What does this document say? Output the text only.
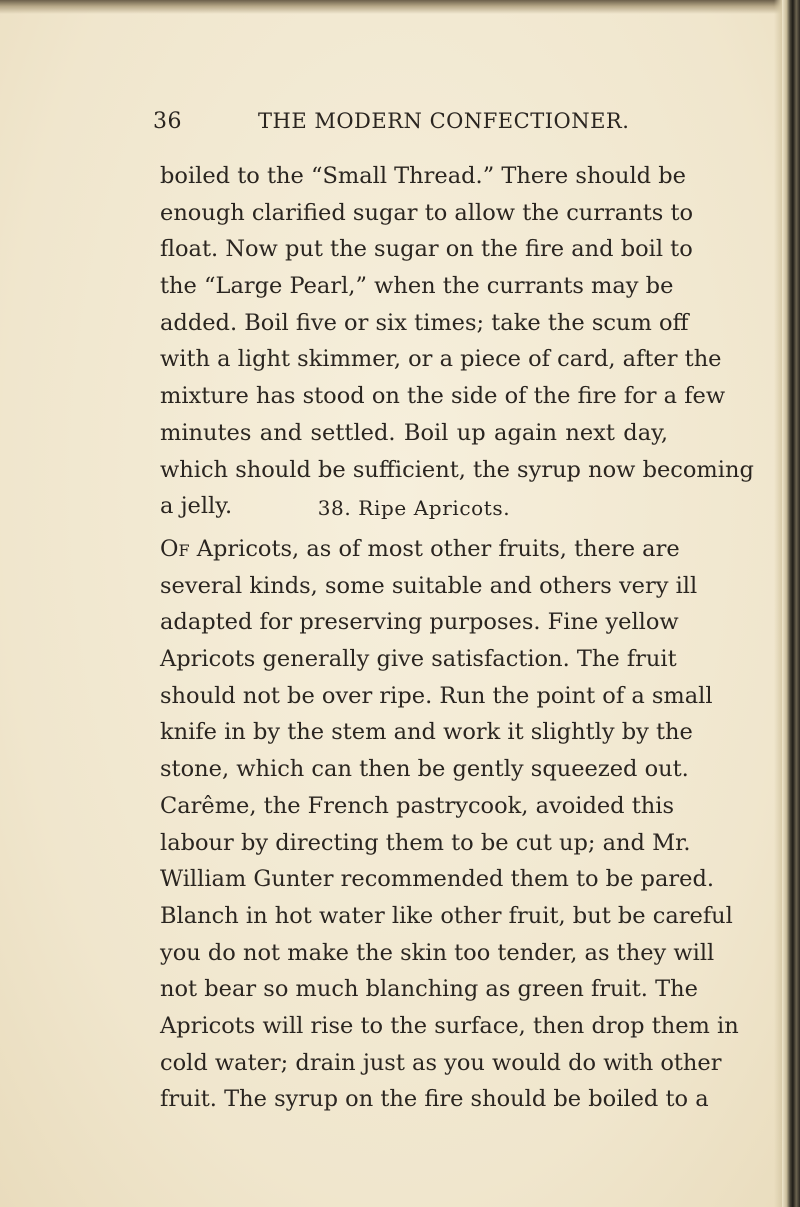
36	THE MODERN CONFECTIONER.
boiled to the “Small Thread.” There should be
enough clarified sugar to allow the currants to
float. Now put the sugar on the fire and boil to
the “Large Pearl,” when the currants may be
added. Boil five or six times; take the scum off
with a light skimmer, or a piece of card, after the
mixture has stood on the side of the fire for a few
minutes and settled. Boil up again next day,
which should be sufficient, the syrup now becoming
a jelly.	38. Ripe Apricots.
Of Apricots, as of most other fruits, there are
several kinds, some suitable and others very ill
adapted for preserving purposes. Fine yellow
Apricots generally give satisfaction. The fruit
should not be over ripe. Run the point of a small
knife in by the stem and work it slightly by the
stone, which can then be gently squeezed out.
Carême, the French pastrycook, avoided this
labour by directing them to be cut up; and Mr.
William Gunter recommended them to be pared.
Blanch in hot water like other fruit, but be careful
you do not make the skin too tender, as they will
not bear so much blanching as green fruit. The
Apricots will rise to the surface, then drop them in
cold water; drain just as you would do with other
fruit. The syrup on the fire should be boiled to a
